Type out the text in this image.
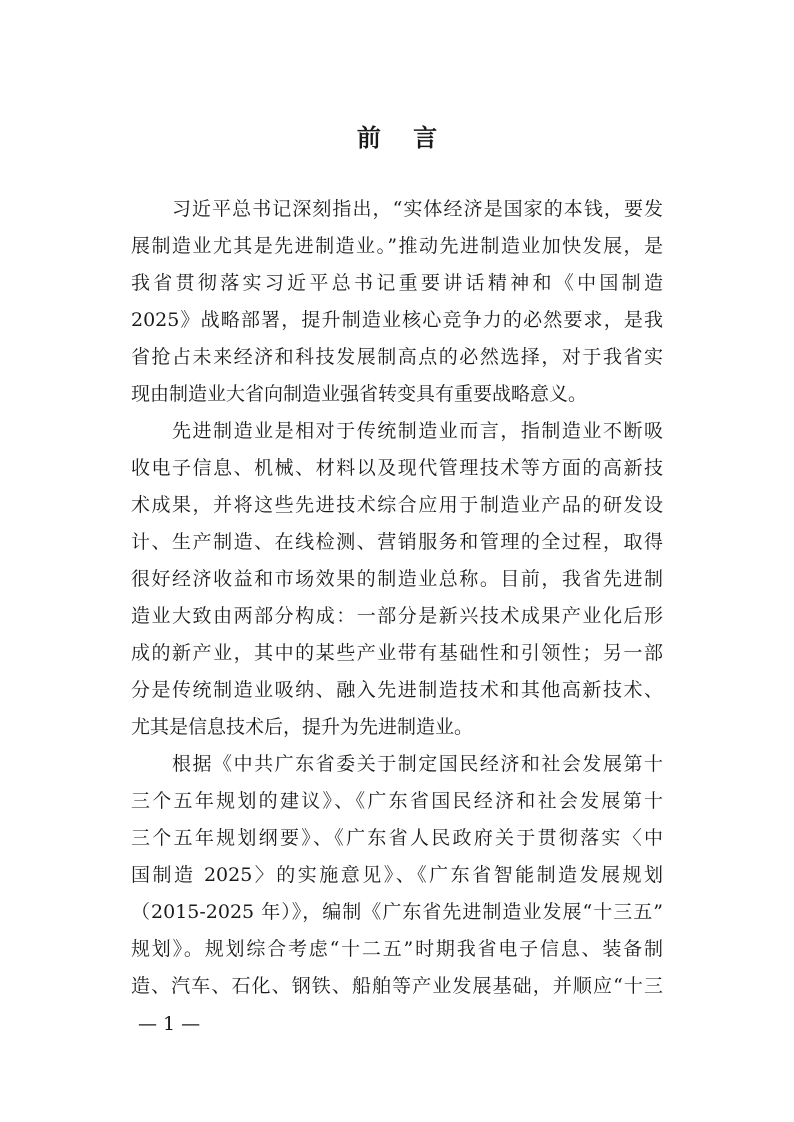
前 言
习近平总书记深刻指出，“实体经济是国家的本钱，要发
展制造业尤其是先进制造业。”推动先进制造业加快发展，是
我省贯彻落实习近平总书记重要讲话精神和《中国制造
2025》战略部署，提升制造业核心竞争力的必然要求，是我
省抢占未来经济和科技发展制高点的必然选择，对于我省实
现由制造业大省向制造业强省转变具有重要战略意义。
先进制造业是相对于传统制造业而言，指制造业不断吸
收电子信息、机械、材料以及现代管理技术等方面的高新技
术成果，并将这些先进技术综合应用于制造业产品的研发设
计、生产制造、在线检测、营销服务和管理的全过程，取得
很好经济收益和市场效果的制造业总称。目前，我省先进制
造业大致由两部分构成：一部分是新兴技术成果产业化后形
成的新产业，其中的某些产业带有基础性和引领性；另一部
分是传统制造业吸纳、融入先进制造技术和其他高新技术、
尤其是信息技术后，提升为先进制造业。
根据《中共广东省委关于制定国民经济和社会发展第十
三个五年规划的建议》、《广东省国民经济和社会发展第十
三个五年规划纲要》、《广东省人民政府关于贯彻落实〈中
国制造 2025〉的实施意见》、《广东省智能制造发展规划
（2015-2025 年）》，编制《广东省先进制造业发展“十三五”
规划》。规划综合考虑“十二五”时期我省电子信息、装备制
造、汽车、石化、钢铁、船舶等产业发展基础，并顺应“十三
— 1 —
